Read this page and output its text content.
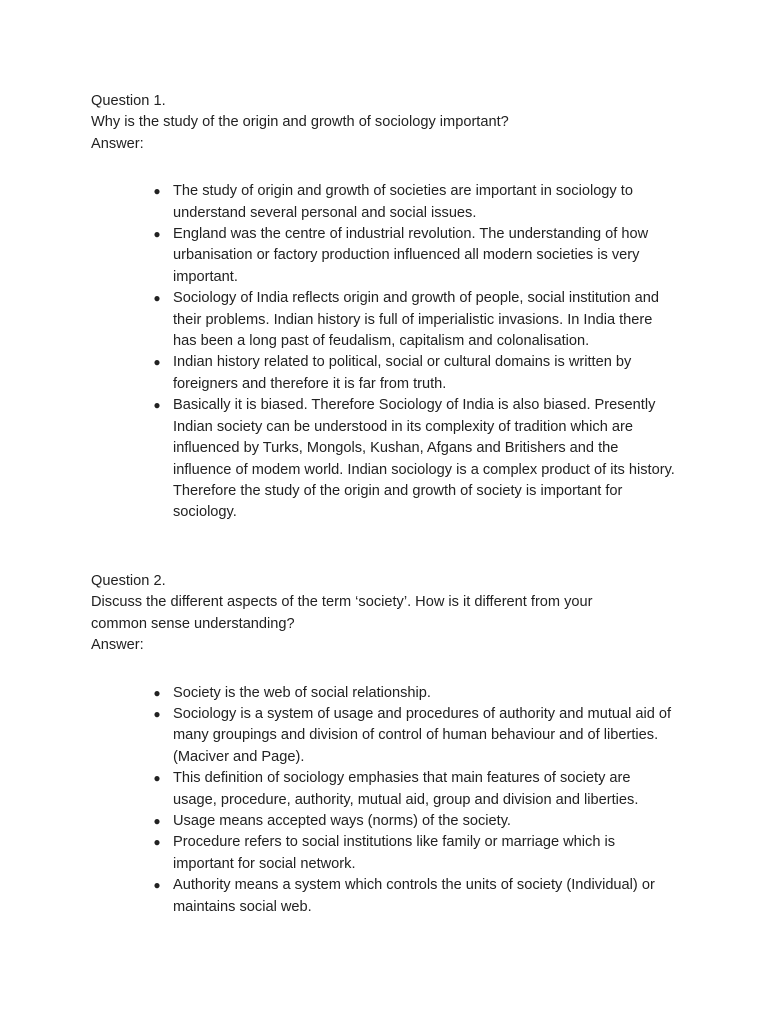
Question 1.
Why is the study of the origin and growth of sociology important?
Answer:
● The study of origin and growth of societies are important in sociology to understand several personal and social issues.
● England was the centre of industrial revolution. The understanding of how urbanisation or factory production influenced all modern societies is very important.
● Sociology of India reflects origin and growth of people, social institution and their problems. Indian history is full of imperialistic invasions. In India there has been a long past of feudalism, capitalism and colonalisation.
● Indian history related to political, social or cultural domains is written by foreigners and therefore it is far from truth.
● Basically it is biased. Therefore Sociology of India is also biased. Presently Indian society can be understood in its complexity of tradition which are influenced by Turks, Mongols, Kushan, Afgans and Britishers and the influence of modem world. Indian sociology is a complex product of its history.
Therefore the study of the origin and growth of society is important for sociology.
Question 2.
Discuss the different aspects of the term ‘society’. How is it different from your common sense understanding?
Answer:
● Society is the web of social relationship.
● Sociology is a system of usage and procedures of authority and mutual aid of many groupings and division of control of human behaviour and of liberties. (Maciver and Page).
● This definition of sociology emphasies that main features of society are usage, procedure, authority, mutual aid, group and division and liberties.
● Usage means accepted ways (norms) of the society.
● Procedure refers to social institutions like family or marriage which is important for social network.
● Authority means a system which controls the units of society (Individual) or maintains social web.
